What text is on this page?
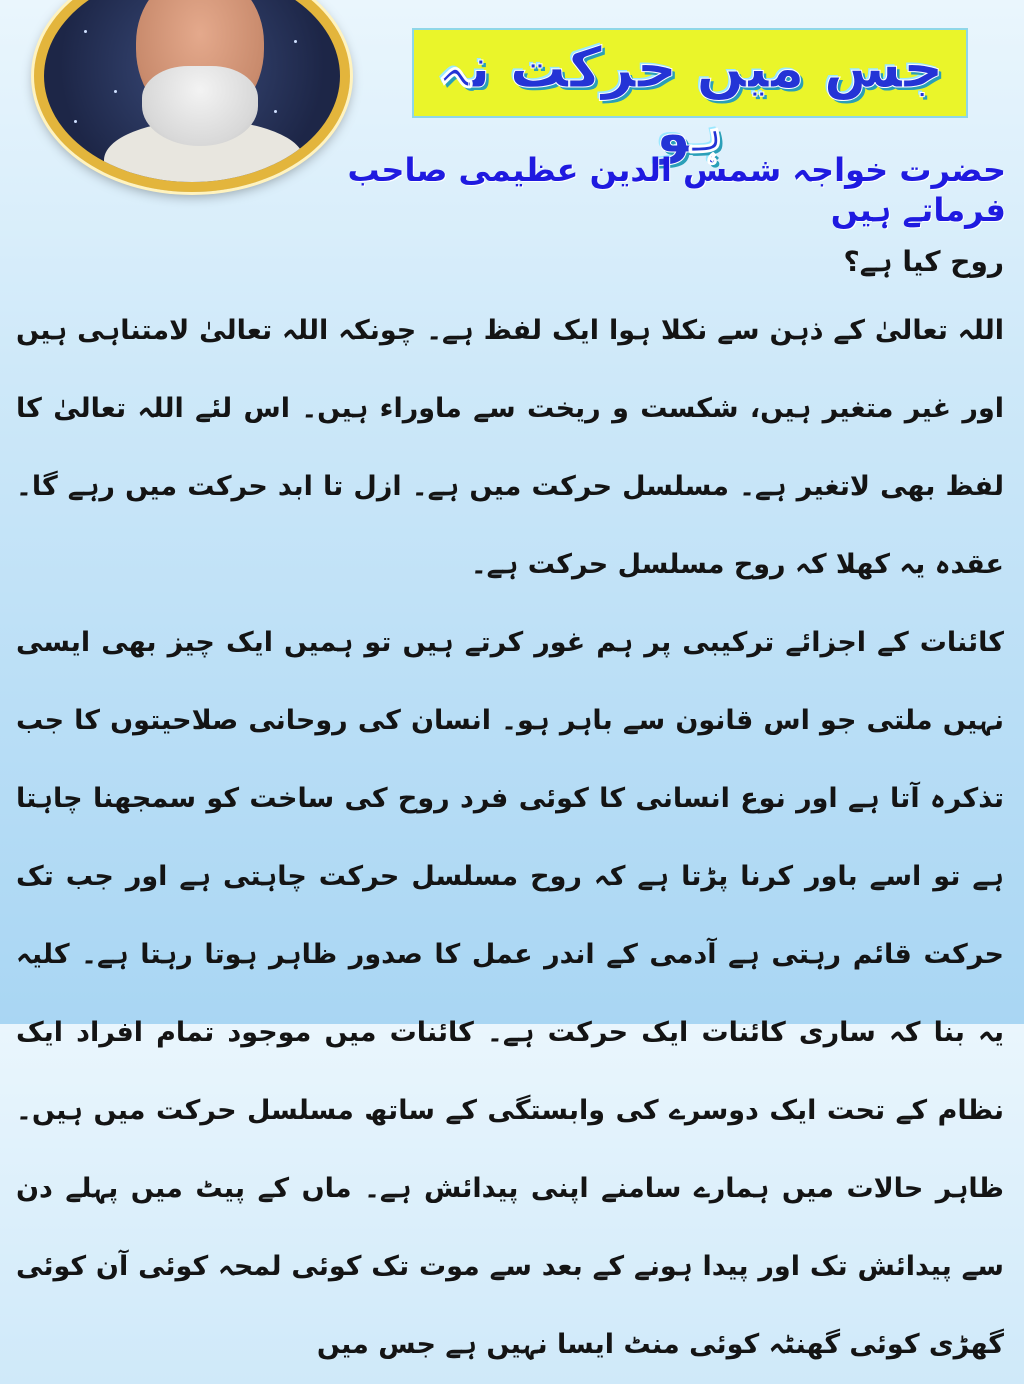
جس میں حرکت نہ ہو
حضرت خواجہ شمس الدین عظیمی صاحب فرماتے ہیں
روح کیا ہے؟
اللہ تعالیٰ کے ذہن سے نکلا ہوا ایک لفظ ہے۔ چونکہ اللہ تعالیٰ لامتناہی ہیں اور غیر متغیر ہیں، شکست و ریخت سے ماوراء ہیں۔ اس لئے اللہ تعالیٰ کا لفظ بھی لاتغیر ہے۔ مسلسل حرکت میں ہے۔ ازل تا ابد حرکت میں رہے گا۔ عقدہ یہ کھلا کہ روح مسلسل حرکت ہے۔
کائنات کے اجزائے ترکیبی پر ہم غور کرتے ہیں تو ہمیں ایک چیز بھی ایسی نہیں ملتی جو اس قانون سے باہر ہو۔ انسان کی روحانی صلاحیتوں کا جب تذکرہ آتا ہے اور نوع انسانی کا کوئی فرد روح کی ساخت کو سمجھنا چاہتا ہے تو اسے باور کرنا پڑتا ہے کہ روح مسلسل حرکت چاہتی ہے اور جب تک حرکت قائم رہتی ہے آدمی کے اندر عمل کا صدور ظاہر ہوتا رہتا ہے۔ کلیہ یہ بنا کہ ساری کائنات ایک حرکت ہے۔ کائنات میں موجود تمام افراد ایک نظام کے تحت ایک دوسرے کی وابستگی کے ساتھ مسلسل حرکت میں ہیں۔ ظاہر حالات میں ہمارے سامنے اپنی پیدائش ہے۔ ماں کے پیٹ میں پہلے دن سے پیدائش تک اور پیدا ہونے کے بعد سے موت تک کوئی لمحہ کوئی آن کوئی گھڑی کوئی گھنٹہ کوئی منٹ ایسا نہیں ہے جس میں
